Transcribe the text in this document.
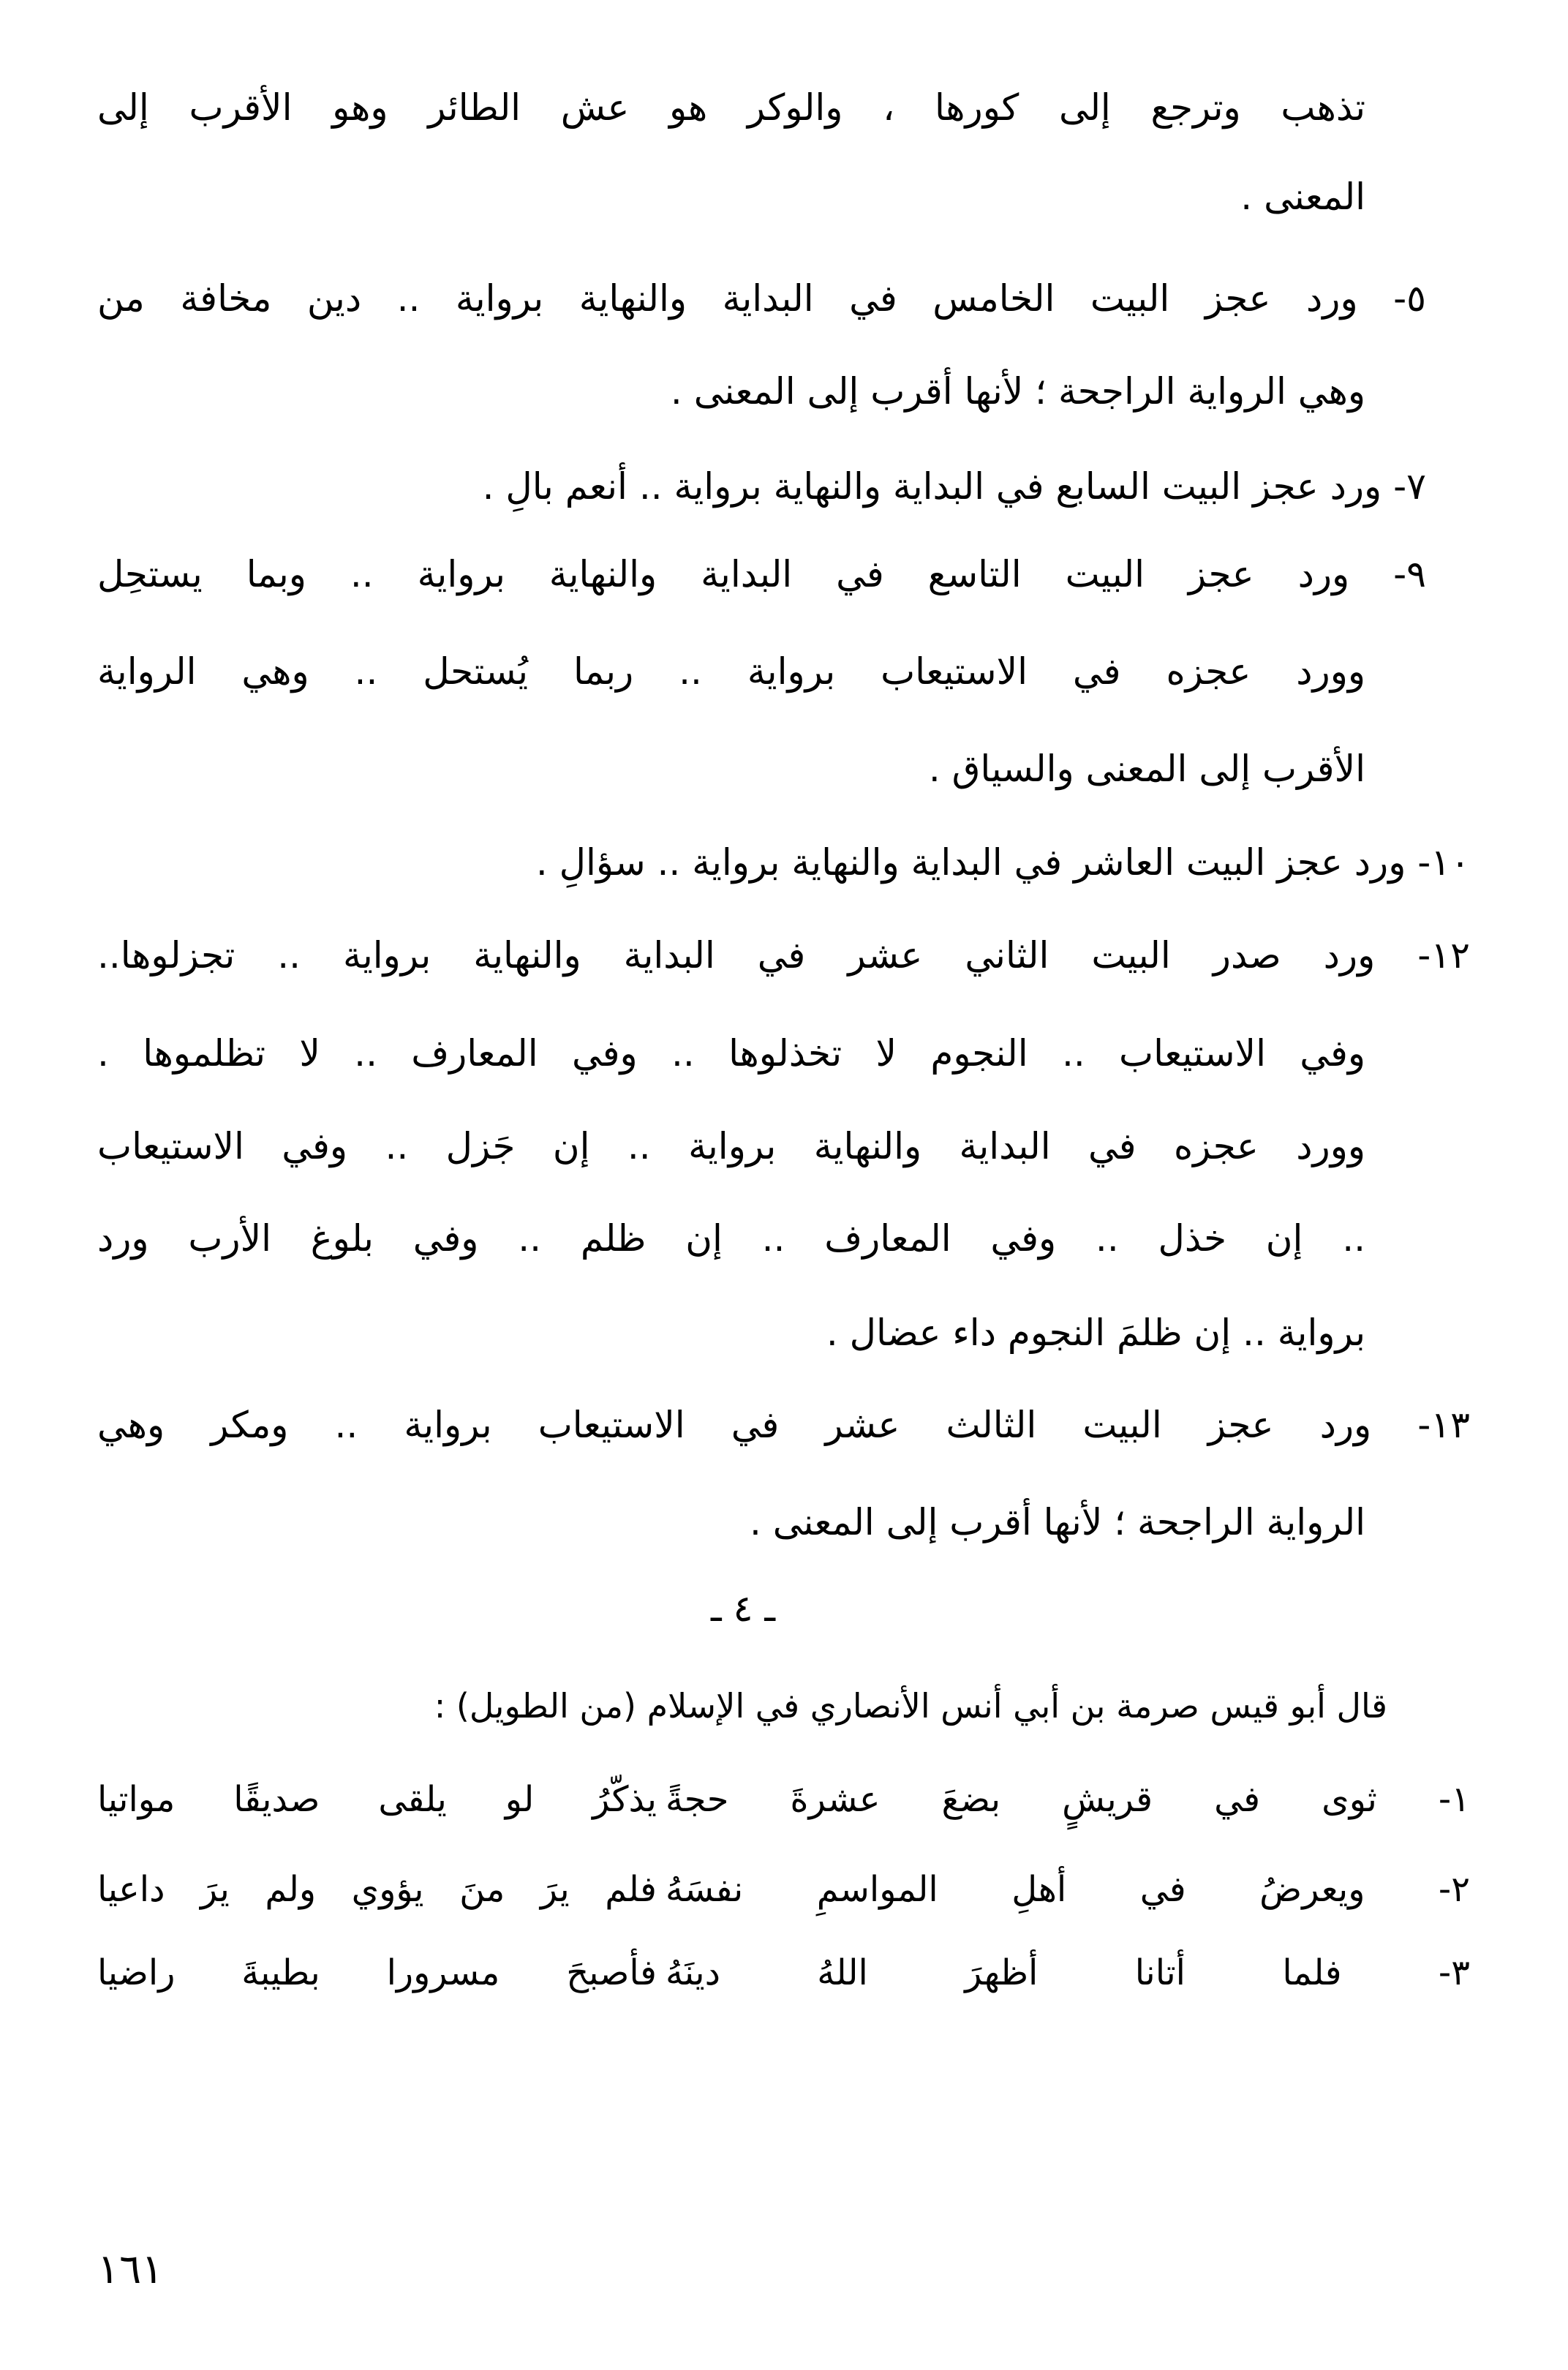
تذهب وترجع إلى كورها ، والوكر هو عش الطائر وهو الأقرب إلى
المعنى .
٥- ورد عجز البيت الخامس في البداية والنهاية برواية .. دين مخافة من
وهي الرواية الراجحة ؛ لأنها أقرب إلى المعنى .
٧- ورد عجز البيت السابع في البداية والنهاية برواية .. أنعم بالِ .
٩- ورد عجز البيت التاسع في البداية والنهاية برواية .. وبما يستحِل
وورد عجزه في الاستيعاب برواية .. ربما يُستحل .. وهي الرواية
الأقرب إلى المعنى والسياق .
١٠- ورد عجز البيت العاشر في البداية والنهاية برواية .. سؤالِ .
١٢- ورد صدر البيت الثاني عشر في البداية والنهاية برواية .. تجزلوها..
وفي الاستيعاب .. النجوم لا تخذلوها .. وفي المعارف .. لا تظلموها .
وورد عجزه في البداية والنهاية برواية .. إن جَزل .. وفي الاستيعاب
.. إن خذل .. وفي المعارف .. إن ظلم .. وفي بلوغ الأرب ورد
برواية .. إن ظلمَ النجوم داء عضال .
١٣- ورد عجز البيت الثالث عشر في الاستيعاب برواية .. ومكر وهي
الرواية الراجحة ؛ لأنها أقرب إلى المعنى .
ـ ٤ ـ
قال أبو قيس صرمة بن أبي أنس الأنصاري في الإسلام (من الطويل) :
١- ثوى في قريشٍ بضعَ عشرةَ حجةً
يذكّرُ لو يلقى صديقًا مواتيا
٢- ويعرضُ في أهلِ المواسمِ نفسَهُ
فلم يرَ منَ يؤوي ولم يرَ داعيا
٣- فلما أتانا أظهرَ اللهُ دينَهُ
فأصبحَ مسرورا بطيبةَ راضيا
١٦١
